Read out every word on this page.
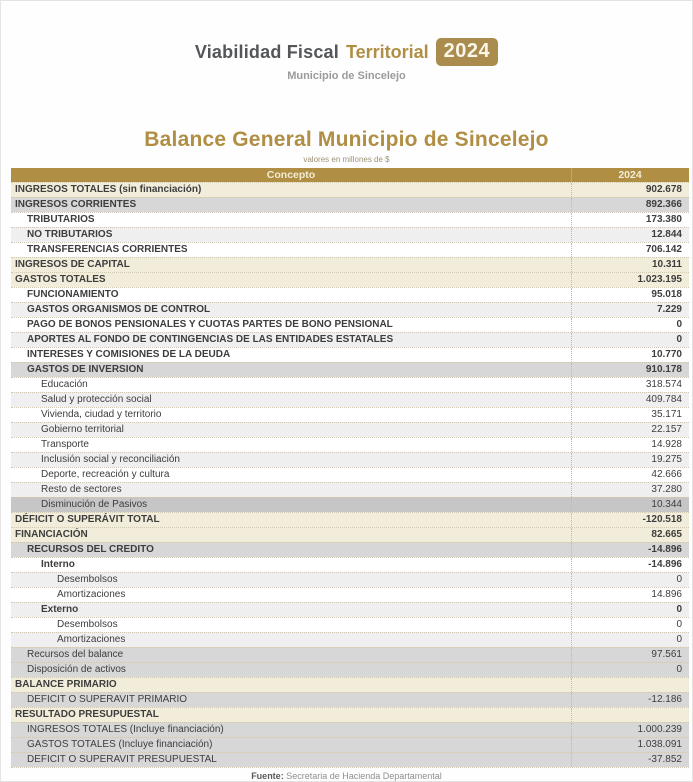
Viabilidad Fiscal Territorial 2024
Municipio de Sincelejo
Balance General Municipio de Sincelejo
valores en millones de $
Concepto	2024
INGRESOS TOTALES (sin financiación)	902.678
INGRESOS CORRIENTES	892.366
TRIBUTARIOS	173.380
NO TRIBUTARIOS	12.844
TRANSFERENCIAS CORRIENTES	706.142
INGRESOS DE CAPITAL	10.311
GASTOS TOTALES	1.023.195
FUNCIONAMIENTO	95.018
GASTOS ORGANISMOS DE CONTROL	7.229
PAGO DE BONOS PENSIONALES Y CUOTAS PARTES DE BONO PENSIONAL	0
APORTES AL FONDO DE CONTINGENCIAS DE LAS ENTIDADES ESTATALES	0
INTERESES Y COMISIONES DE LA DEUDA	10.770
GASTOS DE INVERSION	910.178
Educación	318.574
Salud y protección social	409.784
Vivienda, ciudad y territorio	35.171
Gobierno territorial	22.157
Transporte	14.928
Inclusión social y reconciliación	19.275
Deporte, recreación y cultura	42.666
Resto de sectores	37.280
Disminución de Pasivos	10.344
DÉFICIT O SUPERÁVIT TOTAL	-120.518
FINANCIACIÓN	82.665
RECURSOS DEL CREDITO	-14.896
Interno	-14.896
Desembolsos	0
Amortizaciones	14.896
Externo	0
Desembolsos	0
Amortizaciones	0
Recursos del balance	97.561
Disposición de activos	0
BALANCE PRIMARIO
DEFICIT O SUPERAVIT PRIMARIO	-12.186
RESULTADO PRESUPUESTAL
INGRESOS TOTALES (Incluye financiación)	1.000.239
GASTOS TOTALES (Incluye financiación)	1.038.091
DEFICIT O SUPERAVIT PRESUPUESTAL	-37.852
Fuente: Secretaria de Hacienda Departamental
